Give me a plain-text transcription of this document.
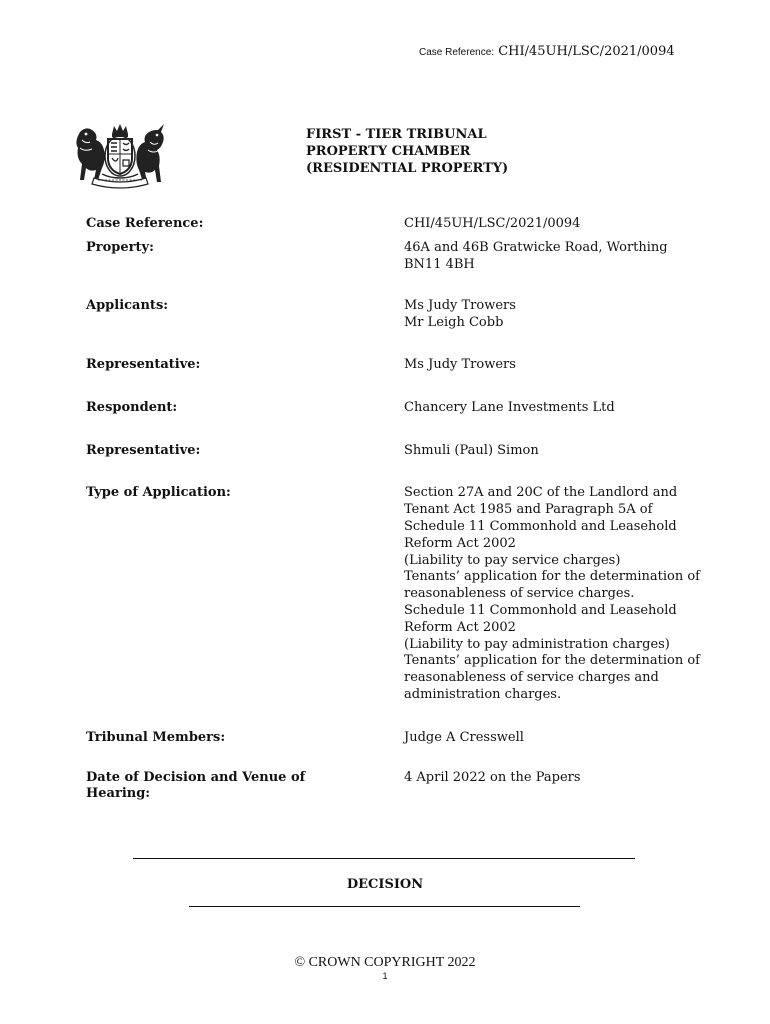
Case Reference: CHI/45UH/LSC/2021/0094
FIRST - TIER TRIBUNAL
PROPERTY CHAMBER
(RESIDENTIAL PROPERTY)
Case Reference:	CHI/45UH/LSC/2021/0094
Property:	46A and 46B Gratwicke Road, Worthing
BN11 4BH
Applicants:	Ms Judy Trowers
Mr Leigh Cobb
Representative:	Ms Judy Trowers
Respondent:	Chancery Lane Investments Ltd
Representative:	Shmuli (Paul) Simon
Type of Application:	Section 27A and 20C of the Landlord and
Tenant Act 1985 and Paragraph 5A of
Schedule 11 Commonhold and Leasehold
Reform Act 2002
(Liability to pay service charges)
Tenants’ application for the determination of
reasonableness of service charges.
Schedule 11 Commonhold and Leasehold
Reform Act 2002
(Liability to pay administration charges)
Tenants’ application for the determination of
reasonableness of service charges and
administration charges.
Tribunal Members:	Judge A Cresswell
Date of Decision and Venue of
Hearing:
4 April 2022 on the Papers
DECISION
© CROWN COPYRIGHT 2022
1
